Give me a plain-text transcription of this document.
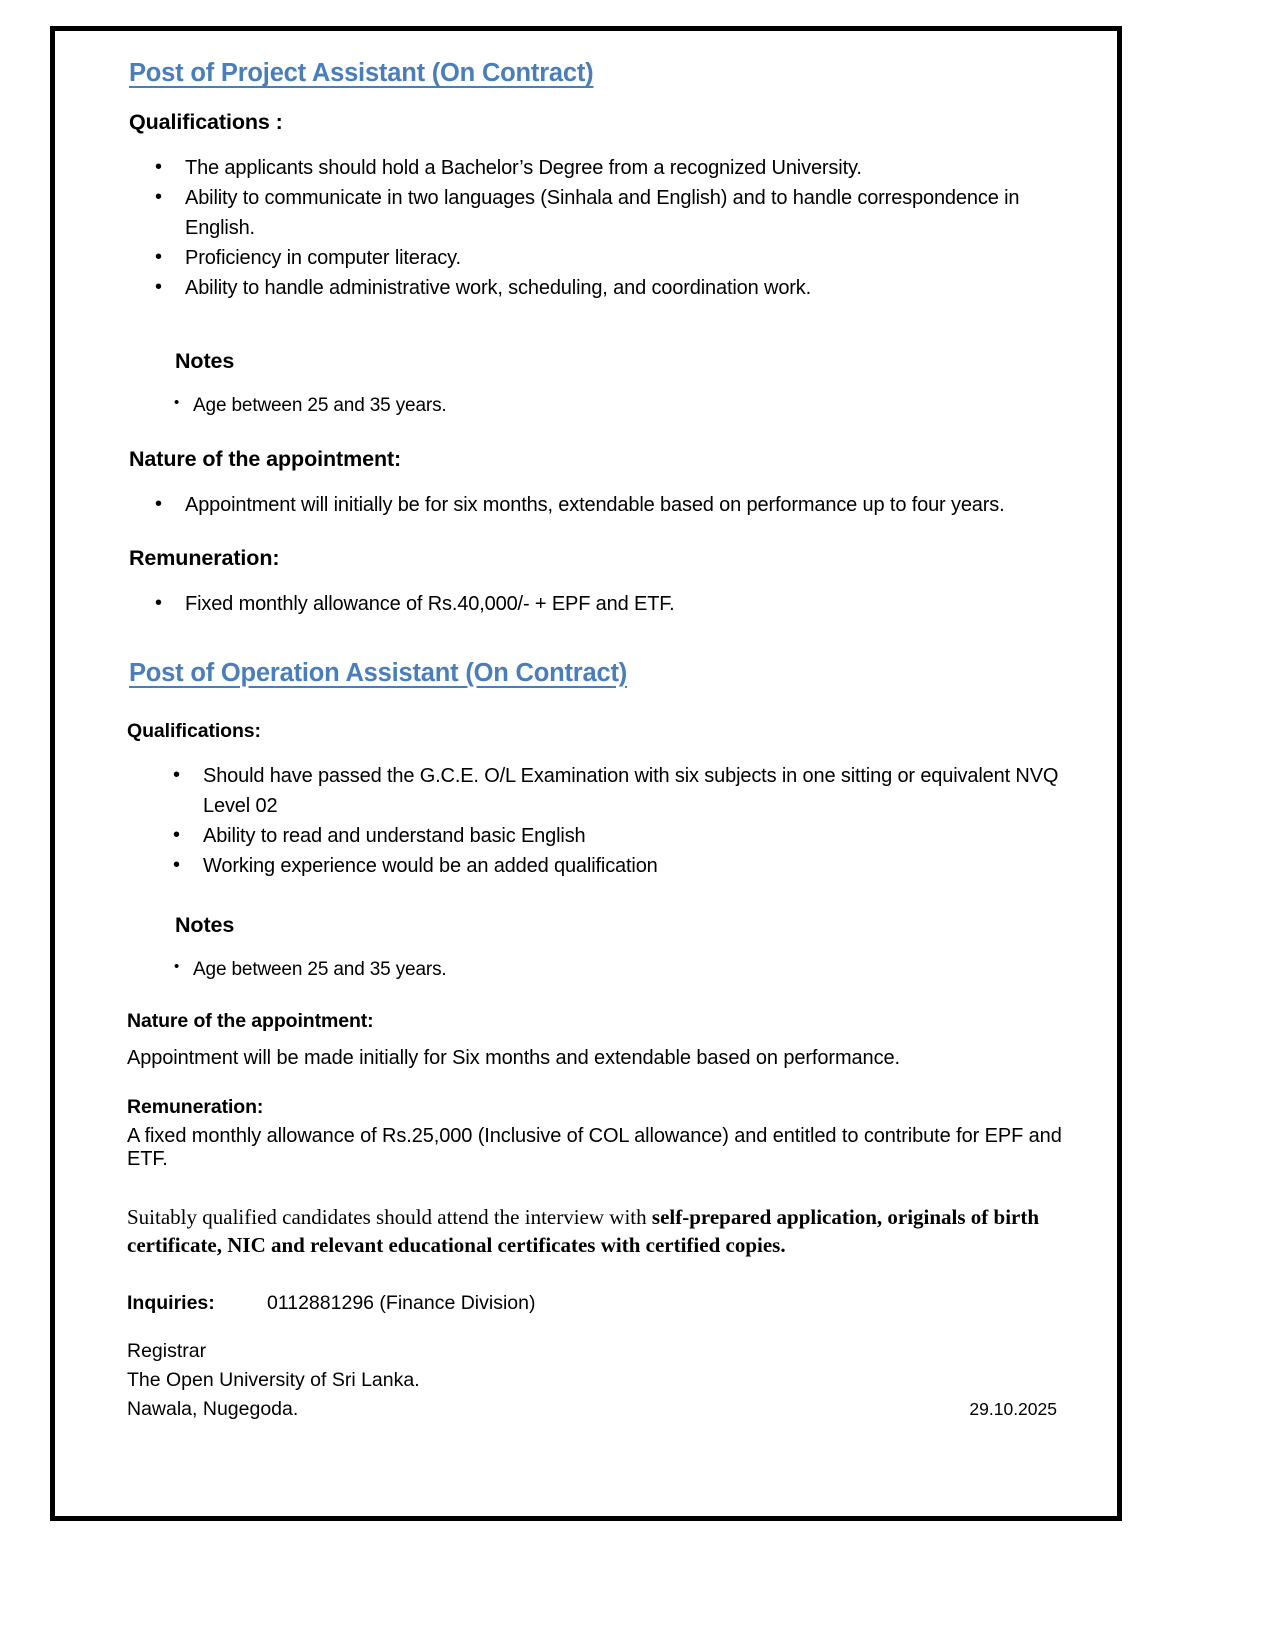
Post of Project Assistant (On Contract)

Qualifications :

• The applicants should hold a Bachelor’s Degree from a recognized University.
• Ability to communicate in two languages (Sinhala and English) and to handle correspondence in English.
• Proficiency in computer literacy.
• Ability to handle administrative work, scheduling, and coordination work.

Notes

• Age between 25 and 35 years.

Nature of the appointment:

• Appointment will initially be for six months, extendable based on performance up to four years.

Remuneration:

• Fixed monthly allowance of Rs.40,000/- + EPF and ETF.
Post of Operation Assistant (On Contract)

Qualifications:

• Should have passed the G.C.E. O/L Examination with six subjects in one sitting or equivalent NVQ Level 02
• Ability to read and understand basic English
• Working experience would be an added qualification

Notes

• Age between 25 and 35 years.

Nature of the appointment:

Appointment will be made initially for Six months and extendable based on performance.

Remuneration:

A fixed monthly allowance of Rs.25,000 (Inclusive of COL allowance) and entitled to contribute for EPF and ETF.

Suitably qualified candidates should attend the interview with self-prepared application, originals of birth certificate, NIC and relevant educational certificates with certified copies.

Inquiries:	0112881296 (Finance Division)
Registrar
The Open University of Sri Lanka.
Nawala, Nugegoda.	29.10.2025
